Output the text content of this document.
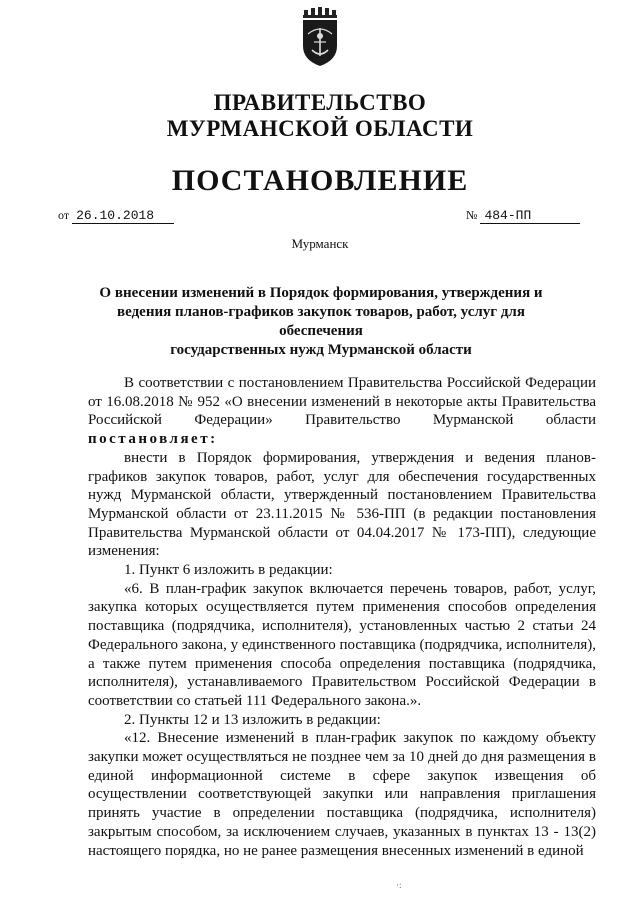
ПРАВИТЕЛЬСТВО
МУРМАНСКОЙ ОБЛАСТИ
ПОСТАНОВЛЕНИЕ
от 26.10.2018	№ 484-ПП
Мурманск
О внесении изменений в Порядок формирования, утверждения и
ведения планов-графиков закупок товаров, работ, услуг для обеспечения
государственных нужд Мурманской области

В соответствии с постановлением Правительства Российской Федерации от 16.08.2018 № 952 «О внесении изменений в некоторые акты Правительства Российской Федерации» Правительство Мурманской области постановляет:

внести в Порядок формирования, утверждения и ведения планов-графиков закупок товаров, работ, услуг для обеспечения государственных нужд Мурманской области, утвержденный постановлением Правительства Мурманской области от 23.11.2015 № 536-ПП (в редакции постановления Правительства Мурманской области от 04.04.2017 № 173-ПП), следующие изменения:

1. Пункт 6 изложить в редакции:

«6. В план-график закупок включается перечень товаров, работ, услуг, закупка которых осуществляется путем применения способов определения поставщика (подрядчика, исполнителя), установленных частью 2 статьи 24 Федерального закона, у единственного поставщика (подрядчика, исполнителя), а также путем применения способа определения поставщика (подрядчика, исполнителя), устанавливаемого Правительством Российской Федерации в соответствии со статьей 111 Федерального закона.».

2. Пункты 12 и 13 изложить в редакции:

«12. Внесение изменений в план-график закупок по каждому объекту закупки может осуществляться не позднее чем за 10 дней до дня размещения в единой информационной системе в сфере закупок извещения об осуществлении соответствующей закупки или направления приглашения принять участие в определении поставщика (подрядчика, исполнителя) закрытым способом, за исключением случаев, указанных в пунктах 13 - 13(2) настоящего порядка, но не ранее размещения внесенных изменений в единой

·:
